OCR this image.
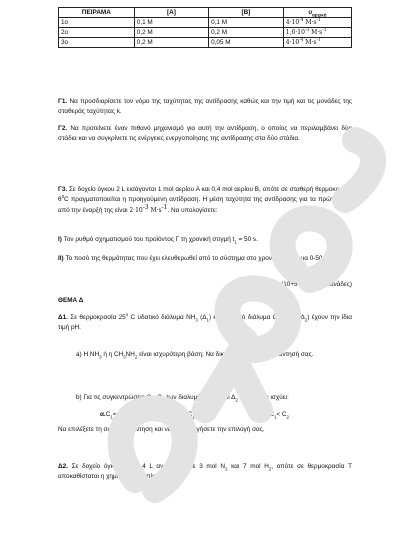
ΠΕΙΡΑΜΑ	[A]	[B]	$\upsilon_{\alpha\rho\chi\iota\kappa ή}$
1ο	0,1 M	0,1 M	$4\cdot 10^{-4}$ $M\cdot s^{-1}$
2ο	0,2 M	0,2 M	$1,6\cdot 10^{-3}$ $M\cdot s^{-1}$
3ο	0,2 M	0,05 M	$4\cdot 10^{-4}$ $M\cdot s^{-1}$
Γ1. Να προσδιορίσετε τον νόμο της ταχύτητας της αντίδρασης καθώς και την τιμή και τις μονάδες της σταθεράς ταχύτητας k.
Γ2. Να προτείνετε έναν πιθανό μηχανισμό για αυτή την αντίδραση, ο οποίος να περιλαμβάνει δύο στάδια και να συγκρίνετε τις ενέργειες ενεργοποίησης της αντίδρασης στα δύο στάδια.
Γ3. Σε δοχείο όγκου 2 L εισάγονται 1 mol αερίου A και 0,4 mol αερίου B, οπότε σε σταθερή θερμοκρασία $\theta^0C$ πραγματοποιείται η προηγούμενη αντίδραση. Η μέση ταχύτητα της αντίδρασης για τα πρώτα 50 s από την έναρξή της είναι $2\cdot 10^{-3}$ $M\cdot s^{-1}$. Να υπολογίσετε:
I) Τον ρυθμό σχηματισμού του προϊόντος Γ τη χρονική στιγμή $t_1 = 50$ s.
II) Το ποσό της θερμότητας που έχει ελευθερωθεί από το σύστημα στο χρονικό διάστημα 0-50 s.
(10+5+10 = 25 Μονάδες)
ΘΕΜΑ Δ
Δ1. Σε θερμοκρασία $25^o$ C υδατικό διάλυμα $NH_3$ $(\Delta_1)$ και υδατικό διάλυμα $CH_3NH_2$ $(\Delta_2)$ έχουν την ίδια τιμή pH.
a) Η $NH_3$ ή η $CH_3NH_2$ είναι ισχυρότερη βάση; Να δικαιολογήσετε την απαντησή σας.
b) Για τις συγκεντρώσεις $C_1$, $C_2$ των διαλυμάτων $\Delta_1$ και $\Delta_2$ αντίστοιχα ισχύει:
$\alpha.C_1= C_2$	$\beta.C_1> C_2$	$\gamma.C_1< C_2$
Να επιλέξετε τη σωστή απάντηση και να δικαιολογήσετε την επιλογή σας.
Δ2. Σε δοχείο όγκου $V_1 = 4$ L αναμιγνύουμε 3 mol $N_2$ και 7 mol $H_2$, οπότε σε θερμοκρασία T αποκαθίσταται η χημική ισορροπία:
